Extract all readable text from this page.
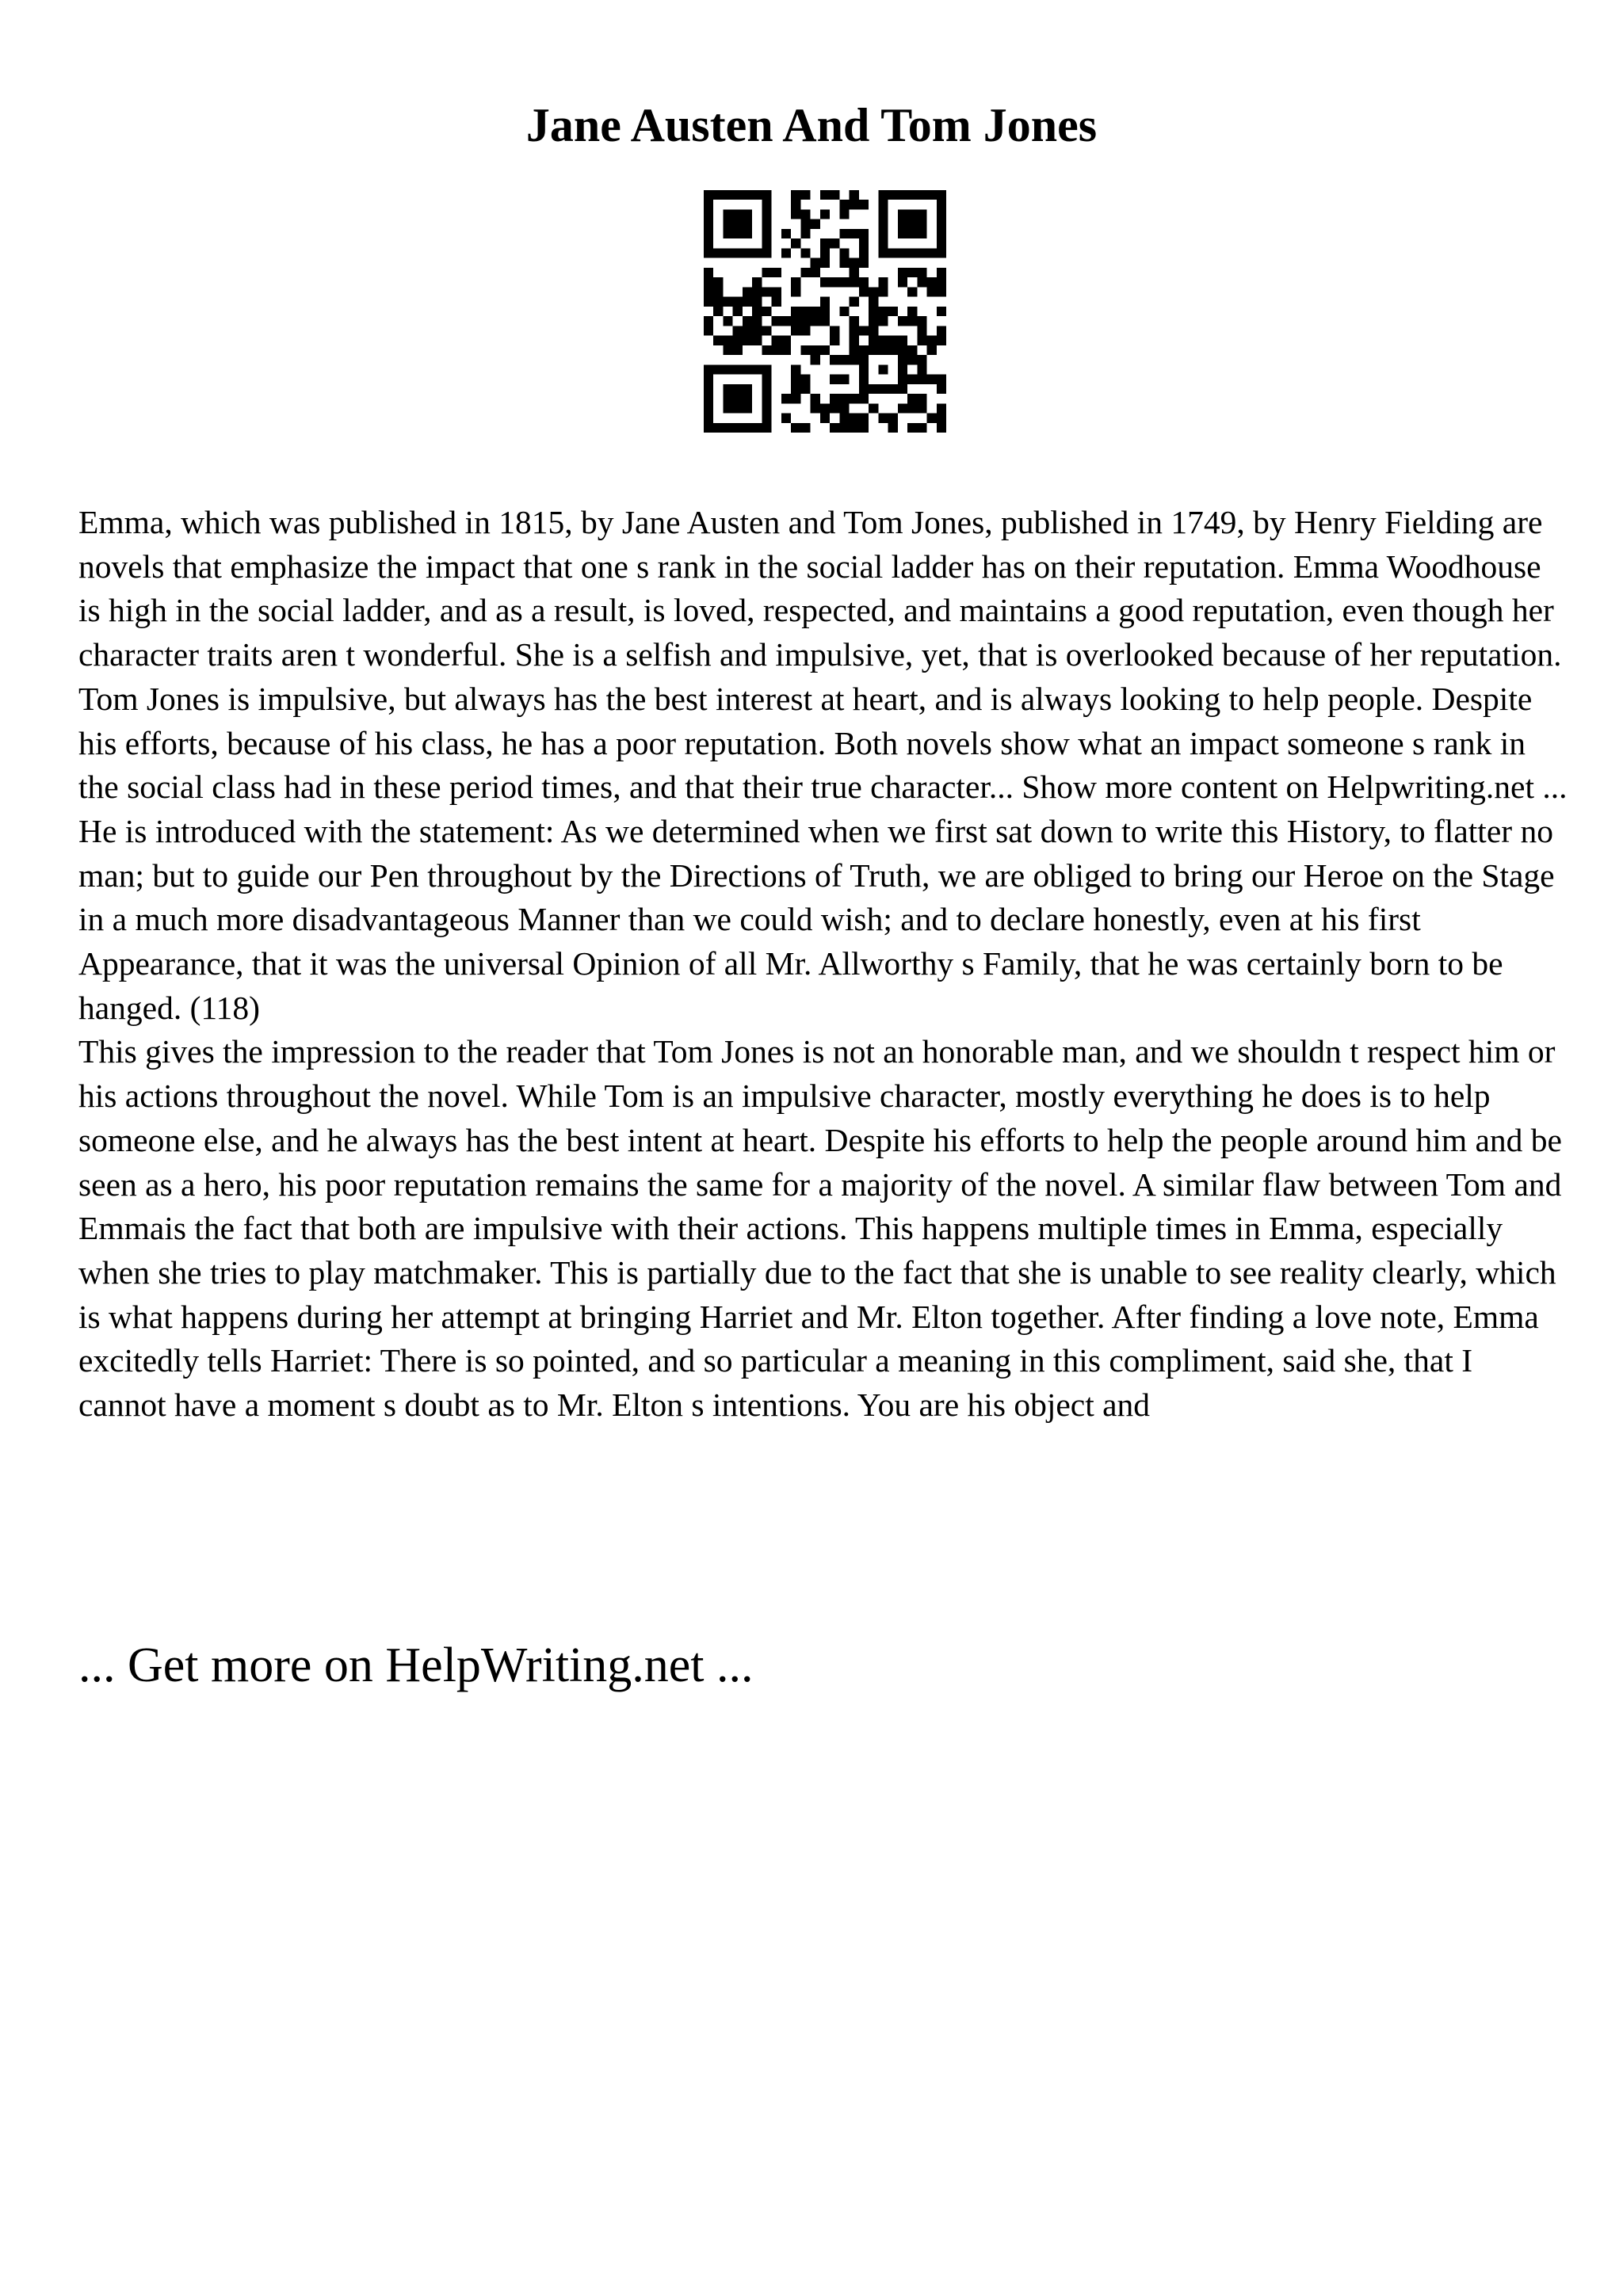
Jane Austen And Tom Jones

Emma, which was published in 1815, by Jane Austen and Tom Jones, published in 1749, by Henry Fielding are novels that emphasize the impact that one s rank in the social ladder has on their reputation. Emma Woodhouse is high in the social ladder, and as a result, is loved, respected, and maintains a good reputation, even though her character traits aren t wonderful. She is a selfish and impulsive, yet, that is overlooked because of her reputation. Tom Jones is impulsive, but always has the best interest at heart, and is always looking to help people. Despite his efforts, because of his class, he has a poor reputation. Both novels show what an impact someone s rank in the social class had in these period times, and that their true character... Show more content on Helpwriting.net ...

He is introduced with the statement: As we determined when we first sat down to write this History, to flatter no man; but to guide our Pen throughout by the Directions of Truth, we are obliged to bring our Heroe on the Stage in a much more disadvantageous Manner than we could wish; and to declare honestly, even at his first Appearance, that it was the universal Opinion of all Mr. Allworthy s Family, that he was certainly born to be hanged. (118)

This gives the impression to the reader that Tom Jones is not an honorable man, and we shouldn t respect him or his actions throughout the novel. While Tom is an impulsive character, mostly everything he does is to help someone else, and he always has the best intent at heart. Despite his efforts to help the people around him and be seen as a hero, his poor reputation remains the same for a majority of the novel. A similar flaw between Tom and Emmais the fact that both are impulsive with their actions. This happens multiple times in Emma, especially when she tries to play matchmaker. This is partially due to the fact that she is unable to see reality clearly, which is what happens during her attempt at bringing Harriet and Mr. Elton together. After finding a love note, Emma excitedly tells Harriet: There is so pointed, and so particular a meaning in this compliment, said she, that I cannot have a moment s doubt as to Mr. Elton s intentions. You are his object and

... Get more on HelpWriting.net ...
